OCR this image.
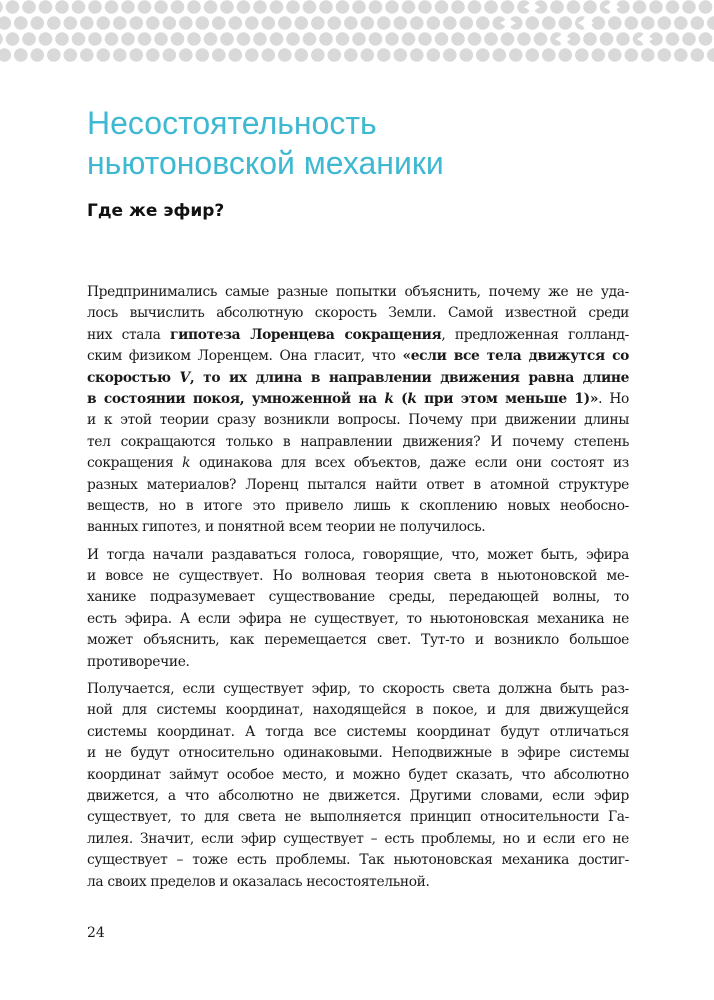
Несостоятельность
ньютоновской механики
Где же эфир?
Предпринимались самые разные попытки объяснить, почему же не уда-
лось вычислить абсолютную скорость Земли. Самой известной среди
них стала гипотеза Лоренцева сокращения, предложенная голланд-
ским физиком Лоренцем. Она гласит, что «если все тела движутся со
скоростью V, то их длина в направлении движения равна длине
в состоянии покоя, умноженной на k (k при этом меньше 1)». Но
и к этой теории сразу возникли вопросы. Почему при движении длины
тел сокращаются только в направлении движения? И почему степень
сокращения k одинакова для всех объектов, даже если они состоят из
разных материалов? Лоренц пытался найти ответ в атомной структуре
веществ, но в итоге это привело лишь к скоплению новых необосно-
ванных гипотез, и понятной всем теории не получилось.
И тогда начали раздаваться голоса, говорящие, что, может быть, эфира
и вовсе не существует. Но волновая теория света в ньютоновской ме-
ханике подразумевает существование среды, передающей волны, то
есть эфира. А если эфира не существует, то ньютоновская механика не
может объяснить, как перемещается свет. Тут-то и возникло большое
противоречие.
Получается, если существует эфир, то скорость света должна быть раз-
ной для системы координат, находящейся в покое, и для движущейся
системы координат. А тогда все системы координат будут отличаться
и не будут относительно одинаковыми. Неподвижные в эфире системы
координат займут особое место, и можно будет сказать, что абсолютно
движется, а что абсолютно не движется. Другими словами, если эфир
существует, то для света не выполняется принцип относительности Га-
лилея. Значит, если эфир существует – есть проблемы, но и если его не
существует – тоже есть проблемы. Так ньютоновская механика достиг-
ла своих пределов и оказалась несостоятельной.
24
